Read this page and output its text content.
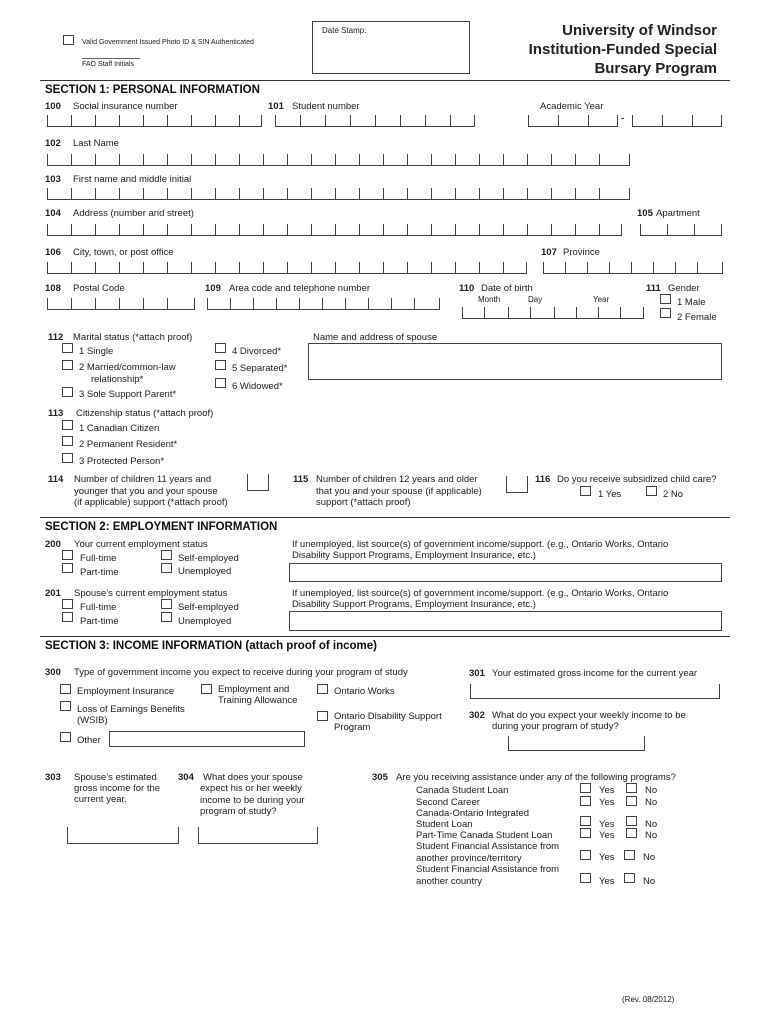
Valid Government Issued Photo ID & SIN Authenticated
FAO Staff Initials
Date Stamp:	University of Windsor
Institution-Funded Special
Bursary Program
SECTION 1: PERSONAL INFORMATION
100 Social insurance number	101 Student number	Academic Year
-
102 Last Name
103 First name and middle initial
104 Address (number and street)	105 Apartment
106 City, town, or post office	107 Province
108 Postal Code	109 Area code and telephone number	110 Date of birth
Month	Day	Year
111 Gender
1 Male
2 Female
112 Marital status (*attach proof)
1 Single
2 Married/common-law
relationship*
3 Sole Support Parent*
4 Divorced*
5 Separated*
6 Widowed*
Name and address of spouse
113 Citizenship status (*attach proof)
1 Canadian Citizen
2 Permanent Resident*
3 Protected Person*
114 Number of children 11 years and
younger that you and your spouse
(if applicable) support (*attach proof)
115 Number of children 12 years and older
that you and your spouse (if applicable)
support (*attach proof)
116 Do you receive subsidized child care?
1 Yes	2 No
SECTION 2: EMPLOYMENT INFORMATION
200 Your current employment status
Full-time
Part-time
Self-employed
Unemployed
If unemployed, list source(s) of government income/support. (e.g., Ontario Works, Ontario
Disability Support Programs, Employment Insurance, etc.)
201 Spouse’s current employment status
Full-time
Part-time
Self-employed
Unemployed
If unemployed, list source(s) of government income/support. (e.g., Ontario Works, Ontario
Disability Support Programs, Employment Insurance, etc.)
SECTION 3: INCOME INFORMATION (attach proof of income)
300 Type of government income you expect to receive during your program of study	301 Your estimated gross income for the current year
Employment Insurance	Employment and
Training Allowance
Ontario Works
Loss of Earnings Benefits
(WSIB)	Ontario Disability Support
Program
302 What do you expect your weekly income to be
during your program of study?
Other
303 Spouse’s estimated
gross income for the
current year.
304 What does your spouse
expect his or her weekly
income to be during your
program of study?
305 Are you receiving assistance under any of the following programs?
Canada Student Loan	Yes	No
Second Career	Yes	No
Canada-Ontario Integrated
Student Loan	Yes	No
Part-Time Canada Student Loan	Yes	No
Student Financial Assistance from
another province/territory	Yes	No
Student Financial Assistance from
another country	Yes	No
(Rev. 08/2012)
